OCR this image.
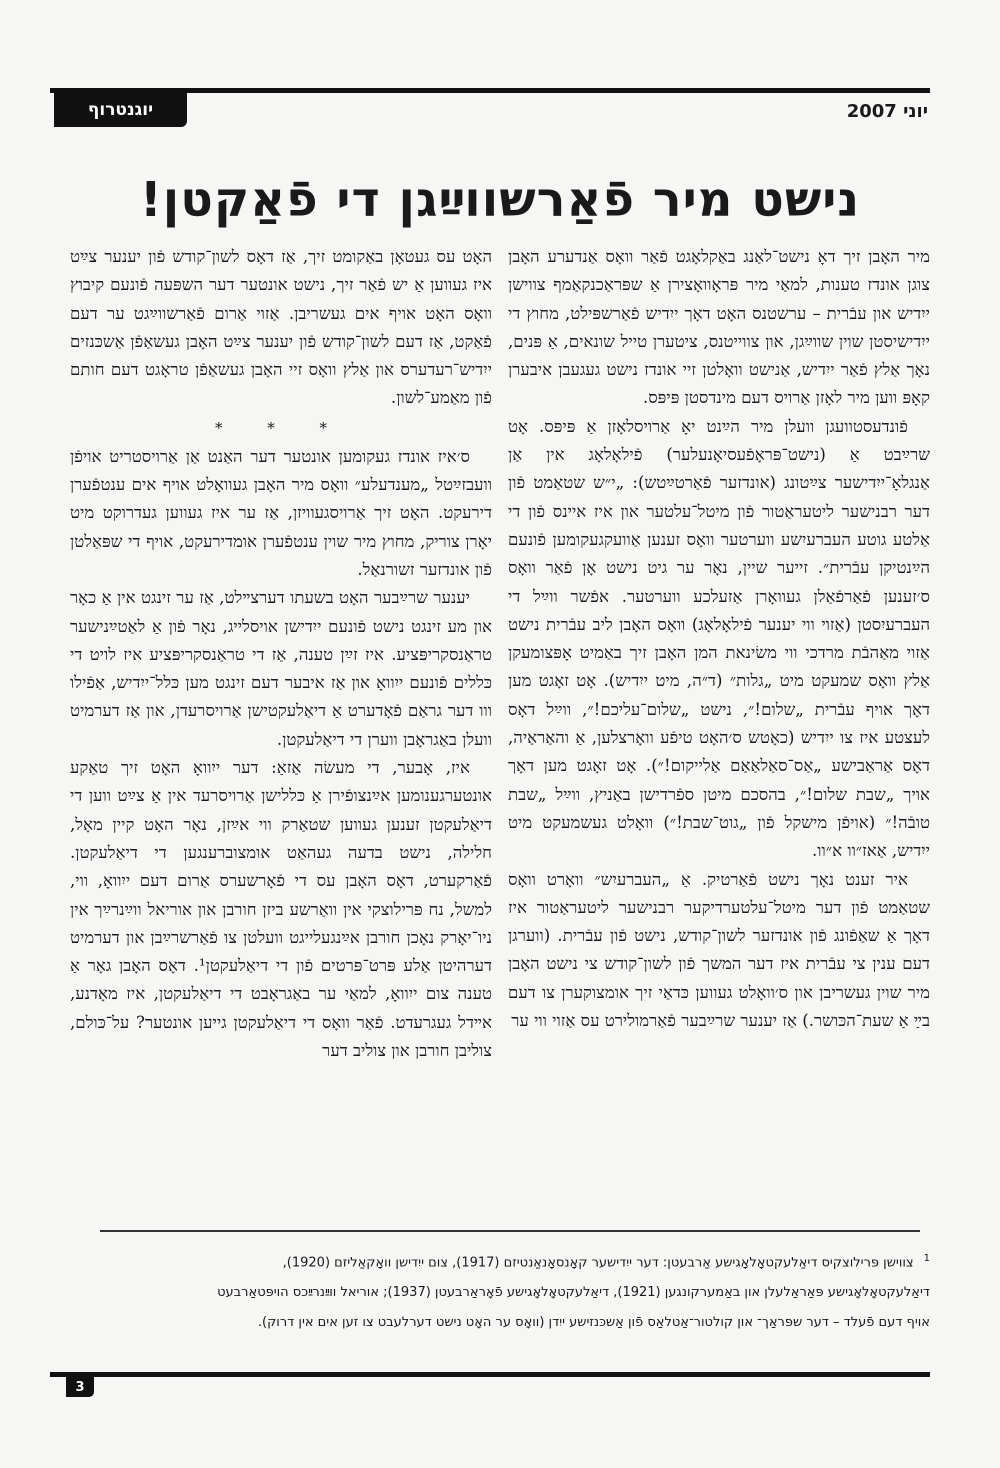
יוגנטרוף	יוני 2007
נישט מיר פֿאַרשווײַגן די פֿאַקטן!

מיר האָבן זיך דאָ נישט־לאַנג באַקלאָגט פֿאַר וואָס אַנדערע האָבן צוגן אונדז טענות, למאַי מיר פּראָוואָצירן אַ שפּראַכנקאַמף צווישן ייִדיש און עבֿרית – ערשטנס האָט דאָך ייִדיש פֿאַרשפּילט, מחוץ די ייִדישיסטן שוין שווײַגן, און צווייטנס, ציטערן טייל שונאים, אַ פּנים, נאָך אַלץ פֿאַר ייִדיש, אַנישט וואָלטן זיי אונדז נישט געגעבן איבערן קאָפּ ווען מיר לאָזן אַרויס דעם מינדסטן פּיפּס.

פֿונדעסטוועגן וועלן מיר הײַנט יאָ אַרויסלאָזן אַ פּיפּס. אָט שרײַבט אַ (נישט־פּראָפֿעסיאָנעלער) פֿילאָלאָג אין אַן אַנגלאָ־ייִדישער צײַטונג (אונדזער פֿאַרטײַטש): „י״ש שטאַמט פֿון דער רבנישער ליטעראַטור פֿון מיטל־עלטער און איז איינס פֿון די אַלטע גוטע העברעיִשע ווערטער וואָס זענען אַוועקגעקומען פֿונעם הײַנטיקן עבֿרית״. זייער שיין, נאָר ער גיט נישט אָן פֿאַר וואָס ס׳זענען פֿאַרפֿאַלן געוואָרן אַזעלכע ווערטער. אפֿשר ווײַל די העברעיִסטן (אַזוי ווי יענער פֿילאָלאָג) וואָס האָבן ליב עבֿרית נישט אַזוי מאַהבֿת מרדכי ווי משׂינאת המן האָבן זיך באַמיט אָפּצומעקן אַלץ וואָס שמעקט מיט „גלות״ (ד״ה, מיט ייִדיש). אָט זאָגט מען דאָך אויף עבֿרית „שלום!״, נישט „שלום־עליכם!״, ווײַל דאָס לעצטע איז צו ייִדיש (כאָטש ס׳האָט טיפֿע וואָרצלען, אַ והאַראַיה, דאָס אַראַבישע „אַס־סאַלאַאַם אַלייקום!״). אָט זאָגט מען דאָך אויך „שבת שלום!״, בהסכם מיטן ספֿרדישן באַניץ, ווײַל „שבת טובֿה!״ (אויפֿן מישקל פֿון „גוט־שבת!״) וואָלט געשמעקט מיט ייִדיש, אַאז״וו א״וו.

איר זענט נאָך נישט פֿאַרטיק. אַ „העברעיִש״ וואָרט וואָס שטאַמט פֿון דער מיטל־עלטערדיקער רבנישער ליטעראַטור איז דאָך אַ שאַפֿונג פֿון אונדזער לשון־קודש, נישט פֿון עבֿרית. (ווערגן דעם ענין צי עבֿרית איז דער המשך פֿון לשון־קודש צי נישט האָבן מיר שוין געשריבן און ס׳וואָלט געווען כּדאַי זיך אומצוקערן צו דעם בײַ אַ שעת־הכּושר.) אַז יענער שרײַבער פֿאַרמולירט עס אַזוי ווי ער

האָט עס געטאָן באַקומט זיך, אַז דאָס לשון־קודש פֿון יענער צײַט איז געווען אַ יש פֿאַר זיך, נישט אונטער דער השפּעה פֿונעם קיבוץ וואָס האָט אויף אים געשריבן. אַזוי אַרום פֿאַרשווײַגט ער דעם פֿאַקט, אַז דעם לשון־קודש פֿון יענער צײַט האָבן געשאַפֿן אַשכּנזים ייִדיש־רעדערס און אַלץ וואָס זיי האָבן געשאַפֿן טראָגט דעם חותם פֿון מאַמע־לשון.

* * *

ס׳איז אונדז געקומען אונטער דער האַנט אַן אַרויסטריט אויפֿן וועבזײַטל „מענדעלע״ וואָס מיר האָבן געוואָלט אויף אים ענטפֿערן דירעקט. האָט זיך אַרויסגעוויזן, אַז ער איז געווען געדרוקט מיט יאָרן צוריק, מחוץ מיר שוין ענטפֿערן אומדירעקט, אויף די שפּאַלטן פֿון אונדזער זשורנאַל.

יענער שרײַבער האָט בשעתו דערצײלט, אַז ער זינגט אין אַ כאָר און מע זינגט נישט פֿונעם ייִדישן אויסלייג, נאָר פֿון אַ לאַטײַנישער טראַנסקריפּציע. איז זײַן טענה, אַז די טראַנסקריפּציע איז לויט די כּללים פֿונעם ייִוואָ און אַז איבער דעם זינגט מען כּלל־ייִדיש, אַפֿילו ווו דער גראַם פֿאָדערט אַ דיאַלעקטישן אַרויסרעדן, און אַז דערמיט וועלן באַגראָבן ווערן די דיאַלעקטן.

איז, אָבער, די מעשׂה אַזאַ: דער ייִוואָ האָט זיך טאַקע אונטערגענומען אײַנצופֿירן אַ כּללישן אַרויסרעד אין אַ צײַט ווען די דיאַלעקטן זענען געווען שטאַרק ווי אײַזן, נאָר האָט קיין מאָל, חלילה, נישט בדעה געהאַט אומצוברענגען די דיאַלעקטן. פֿאַרקערט, דאָס האָבן עס די פֿאָרשערס אַרום דעם ייִוואָ, ווי, למשל, נח פּרילוצקי אין וואַרשע ביזן חורבן און אוריאל ווײַנרײַך אין ניו־יאָרק נאָכן חורבן אײַנגעלייגט וועלטן צו פֿאַרשרײַבן און דערמיט דערהיטן אַלע פּרט־פּרטים פֿון די דיאַלעקטן¹. דאָס האָבן גאָר אַ טענה צום ייִוואָ, למאַי ער באַגראָבט די דיאַלעקטן, איז מאָדנע, אײדל געגרעדט. פֿאַר וואָס די דיאַלעקטן גייען אונטער? על־כּולם, צוליבן חורבן און צוליב דער

$^1$צווישן פּרילוצקיס דיאַלעקטאָלאָגישע אַרבעטן: דער ייִדישער קאָנסאָנאַנטיזם (1917), צום ייִדישן וואָקאַליזם (1920),

דיאַלעקטאָלאָגישע פּאַראַלעלן און באַמערקונגען (1921), דיאַלעקטאָלאָגישע פֿאָראַרבעטן (1937); אוריאל ווײַנרײַכס הויפּטאַרבעט

אויף דעם פֿעלד – דער שפּראַך־ און קולטור־אַטלאַס פֿון אַשכּנזישע ייִדן (וואָס ער האָט נישט דערלעבט צו זען אים אין דרוק).

3
